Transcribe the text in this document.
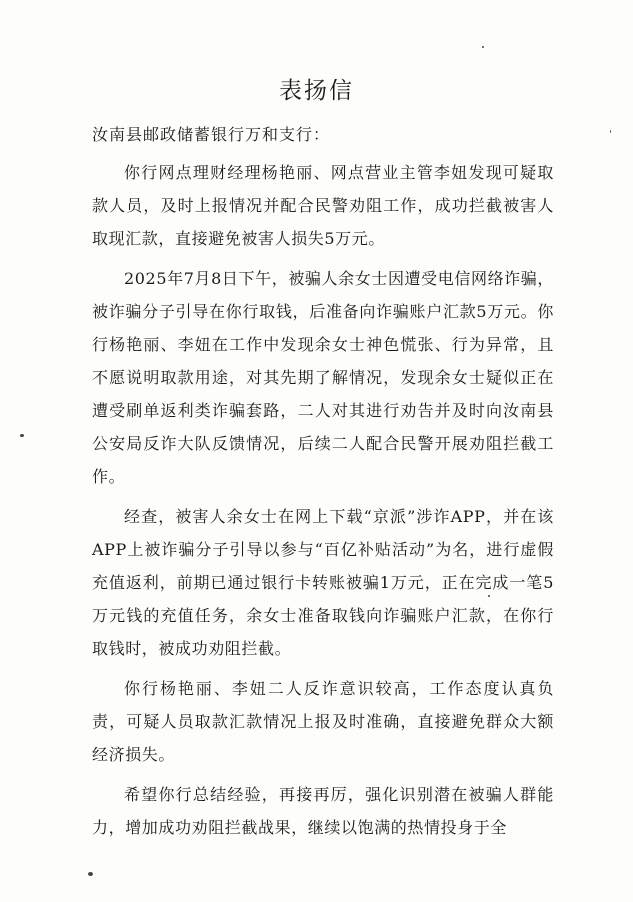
表扬信
汝南县邮政储蓄银行万和支行：

你行网点理财经理杨艳丽、网点营业主管李妞发现可疑取款人员，及时上报情况并配合民警劝阻工作，成功拦截被害人取现汇款，直接避免被害人损失5万元。

2025年7月8日下午，被骗人余女士因遭受电信网络诈骗，被诈骗分子引导在你行取钱，后准备向诈骗账户汇款5万元。你行杨艳丽、李妞在工作中发现余女士神色慌张、行为异常，且不愿说明取款用途，对其先期了解情况，发现余女士疑似正在遭受刷单返利类诈骗套路，二人对其进行劝告并及时向汝南县公安局反诈大队反馈情况，后续二人配合民警开展劝阻拦截工作。

经查，被害人余女士在网上下载“京派”涉诈APP，并在该APP上被诈骗分子引导以参与“百亿补贴活动”为名，进行虚假充值返利，前期已通过银行卡转账被骗1万元，正在完成一笔5万元钱的充值任务，余女士准备取钱向诈骗账户汇款，在你行取钱时，被成功劝阻拦截。

你行杨艳丽、李妞二人反诈意识较高，工作态度认真负责，可疑人员取款汇款情况上报及时准确，直接避免群众大额经济损失。

希望你行总结经验，再接再厉，强化识别潜在被骗人群能力，增加成功劝阻拦截战果，继续以饱满的热情投身于全
